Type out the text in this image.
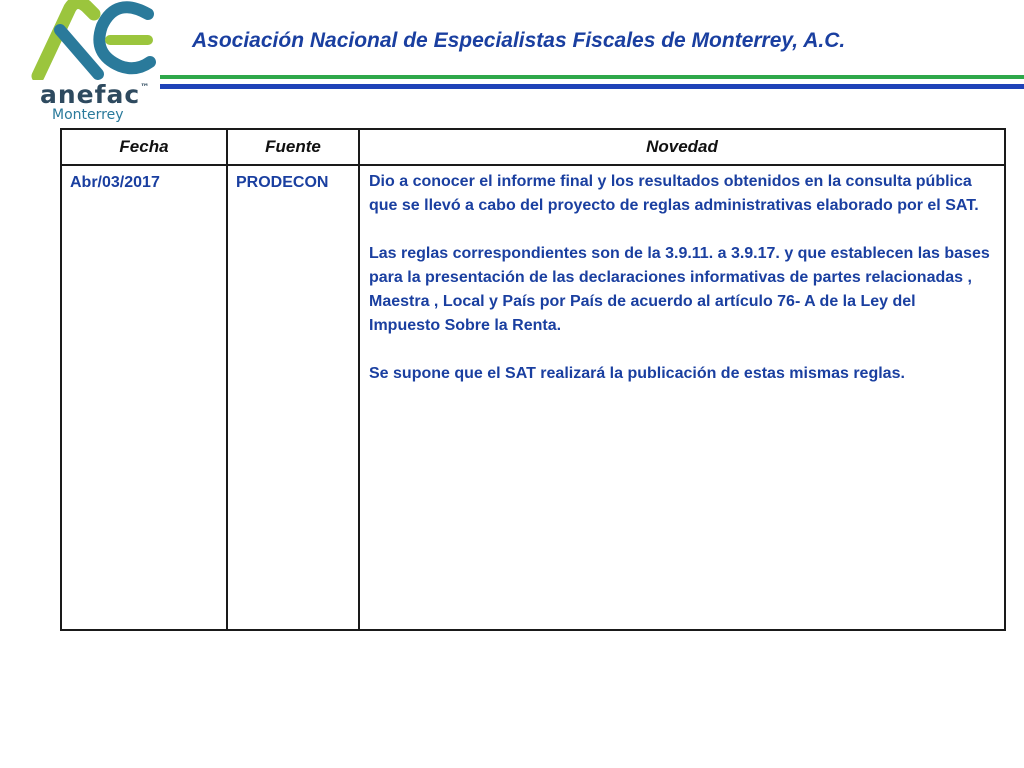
anefac™
Monterrey
Asociación Nacional de Especialistas Fiscales de Monterrey, A.C.
Fecha	Fuente	Novedad
Abr/03/2017	PRODECON	Dio a conocer el informe final y los resultados obtenidos en la consulta pública que se llevó a cabo del proyecto de reglas administrativas elaborado por el SAT.

Las reglas correspondientes son de la 3.9.11. a 3.9.17. y que establecen las bases para la presentación de las declaraciones informativas de partes relacionadas , Maestra , Local y País por País de acuerdo al artículo 76- A de la Ley del Impuesto Sobre la Renta.

Se supone que el SAT realizará la publicación de estas mismas reglas.
